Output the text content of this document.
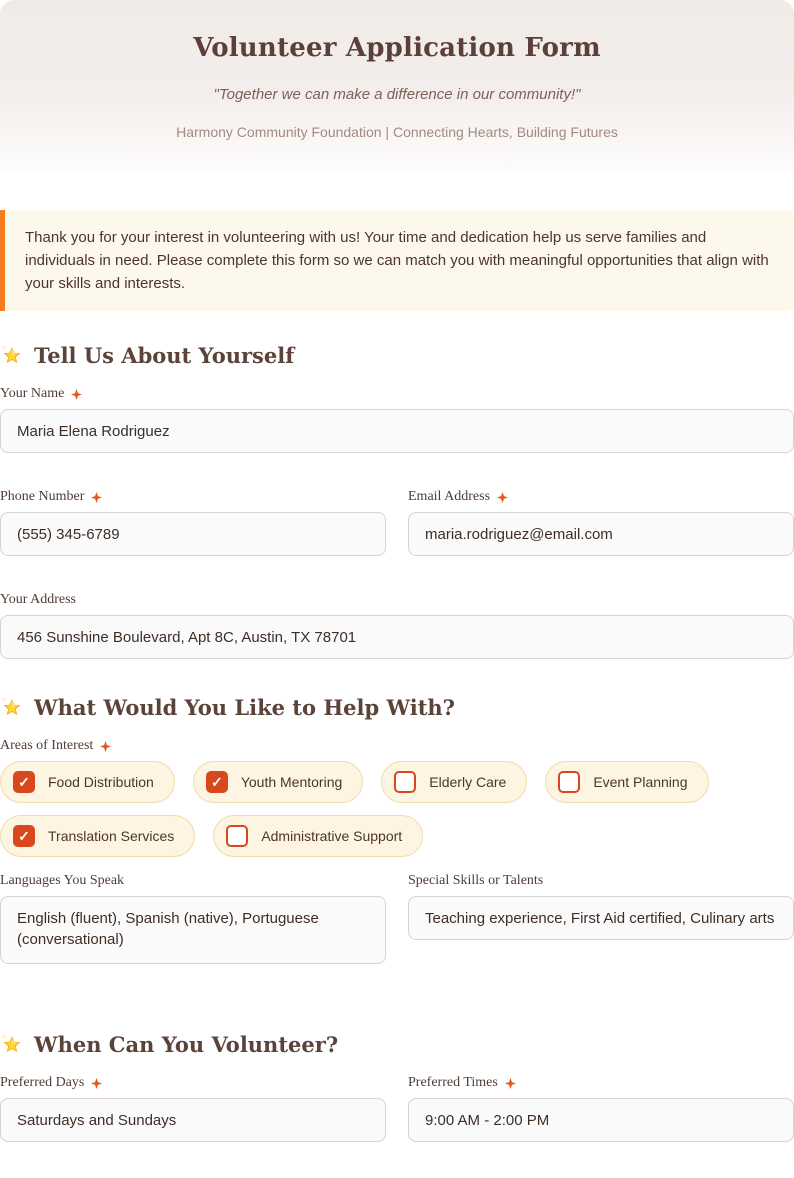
Volunteer Application Form
"Together we can make a difference in our community!"
Harmony Community Foundation | Connecting Hearts, Building Futures
Thank you for your interest in volunteering with us! Your time and dedication help us serve families and individuals in need. Please complete this form so we can match you with meaningful opportunities that align with your skills and interests.
Tell Us About Yourself
Your Name
Maria Elena Rodriguez
Phone Number
(555) 345-6789	Email Address
maria.rodriguez@email.com
Your Address
456 Sunshine Boulevard, Apt 8C, Austin, TX 78701
What Would You Like to Help With?
Areas of Interest
✓ Food Distribution	✓ Youth Mentoring	Elderly Care	Event Planning
✓ Translation Services	Administrative Support
Languages You Speak
English (fluent), Spanish (native), Portuguese (conversational)	Special Skills or Talents
Teaching experience, First Aid certified, Culinary arts
When Can You Volunteer?
Preferred Days
Saturdays and Sundays	Preferred Times
9:00 AM - 2:00 PM
